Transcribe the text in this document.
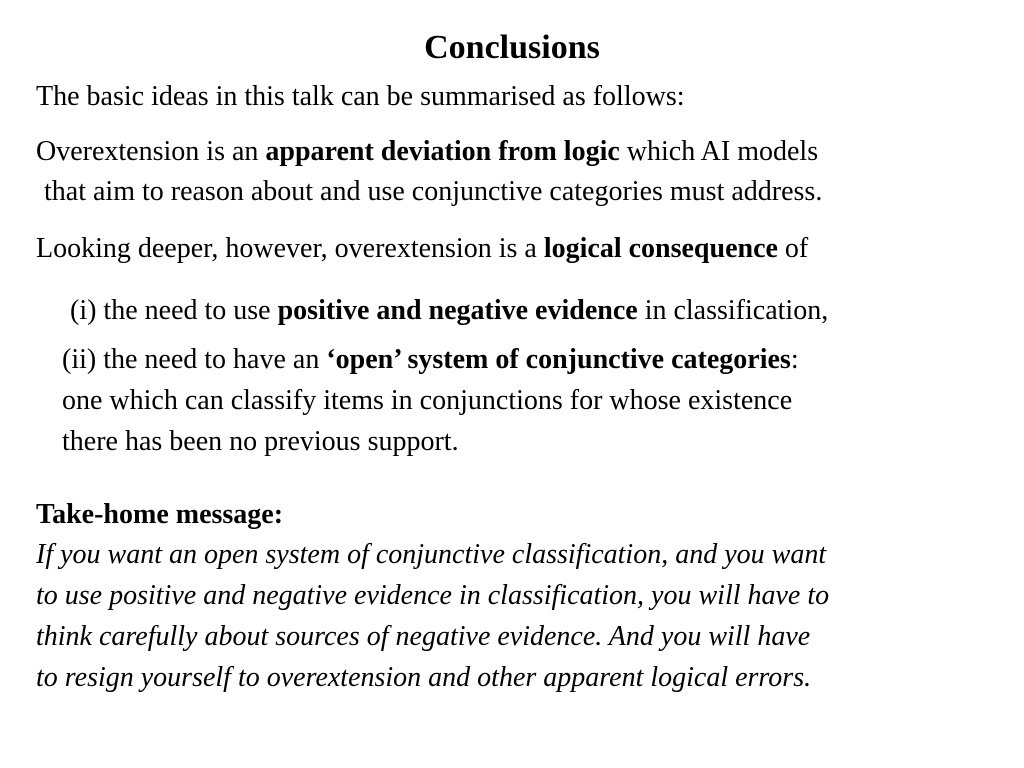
Conclusions
The basic ideas in this talk can be summarised as follows:
Overextension is an apparent deviation from logic which AI models
that aim to reason about and use conjunctive categories must address.
Looking deeper, however, overextension is a logical consequence of
(i) the need to use positive and negative evidence in classification,
(ii) the need to have an ‘open’ system of conjunctive categories:
one which can classify items in conjunctions for whose existence
there has been no previous support.
Take-home message:
If you want an open system of conjunctive classification, and you want
to use positive and negative evidence in classification, you will have to
think carefully about sources of negative evidence. And you will have
to resign yourself to overextension and other apparent logical errors.
